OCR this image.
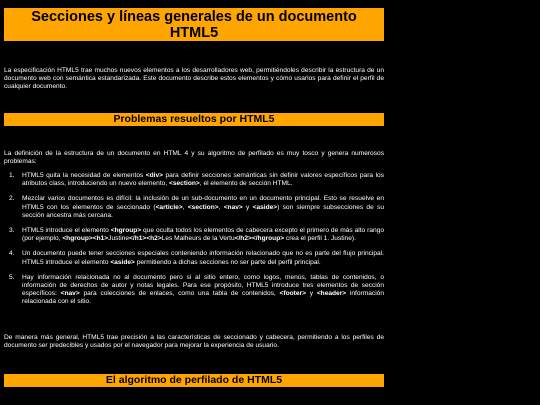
Secciones y líneas generales de un documento
HTML5

La especificación HTML5 trae muchos nuevos elementos a los desarrolladores web, permitiéndoles describir la estructura de un documento web con semántica estandarizada. Este documento describe estos elementos y cómo usarlos para definir el perfil de cualquier documento.

Problemas resueltos por HTML5

La definición de la estructura de un documento en HTML 4 y su algoritmo de perfilado es muy tosco y genera numerosos problemas:

1. HTML5 quita la necesidad de elementos <div> para definir secciones semánticas sin definir valores específicos para los atributos class, introduciendo un nuevo elemento, <section>, el elemento de sección HTML.
2. Mezclar varios documentos es difícil: la inclusión de un sub-documento en un documento principal. Esto se resuelve en HTML5 con los elementos de seccionado (<article>, <section>, <nav> y <aside>) son siempre subsecciones de su sección ancestra más cercana.
3. HTML5 introduce el elemento <hgroup> que oculta todos los elementos de cabecera excepto el primero de más alto rango (por ejemplo, <hgroup><h1>Justine</h1><h2>Les Malheurs de la Vertu</h2></hgroup> crea el perfil 1. Justine).
4. Un documento puede tener secciones especiales conteniendo información relacionado que no es parte del flujo principal. HTML5 introduce el elemento <aside> permitiendo a dichas secciones no ser parte del perfil principal.
5. Hay información relacionada no al documento pero si al sitio entero, como logos, menús, tablas de contenidos, o información de derechos de autor y notas legales. Para ese propósito, HTML5 introduce tres elementos de sección específicos: <nav> para colecciones de enlaces, como una tabla de contenidos, <footer> y <header> información relacionada con el sitio.

De manera más general, HTML5 trae precisión a las características de seccionado y cabecera, permitiendo a los perfiles de documento ser predecibles y usados por el navegador para mejorar la experiencia de usuario.

El algoritmo de perfilado de HTML5
